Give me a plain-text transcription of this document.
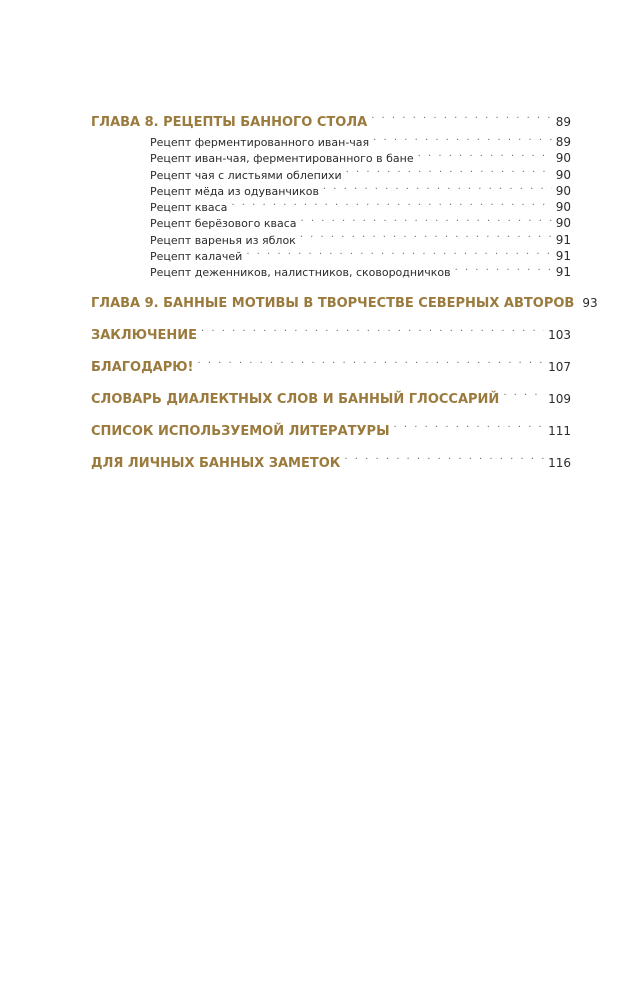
ГЛАВА 8. РЕЦЕПТЫ БАННОГО СТОЛА . . .	89
Рецепт ферментированного иван-чая . . .	89
Рецепт иван-чая, ферментированного в бане . . .	90
Рецепт чая с листьями облепихи . . .	90
Рецепт мёда из одуванчиков . . .	90
Рецепт кваса . . .	90
Рецепт берёзового кваса . . .	90
Рецепт варенья из яблок . . .	91
Рецепт калачей . . .	91
Рецепт деженников, налистников, сковородничков . . .	91
ГЛАВА 9. БАННЫЕ МОТИВЫ В ТВОРЧЕСТВЕ СЕВЕРНЫХ АВТОРОВ 93
ЗАКЛЮЧЕНИЕ . . .	103
БЛАГОДАРЮ! . . .	107
СЛОВАРЬ ДИАЛЕКТНЫХ СЛОВ И БАННЫЙ ГЛОССАРИЙ . . .	109
СПИСОК ИСПОЛЬЗУЕМОЙ ЛИТЕРАТУРЫ . . .	111
ДЛЯ ЛИЧНЫХ БАННЫХ ЗАМЕТОК . . .	116
